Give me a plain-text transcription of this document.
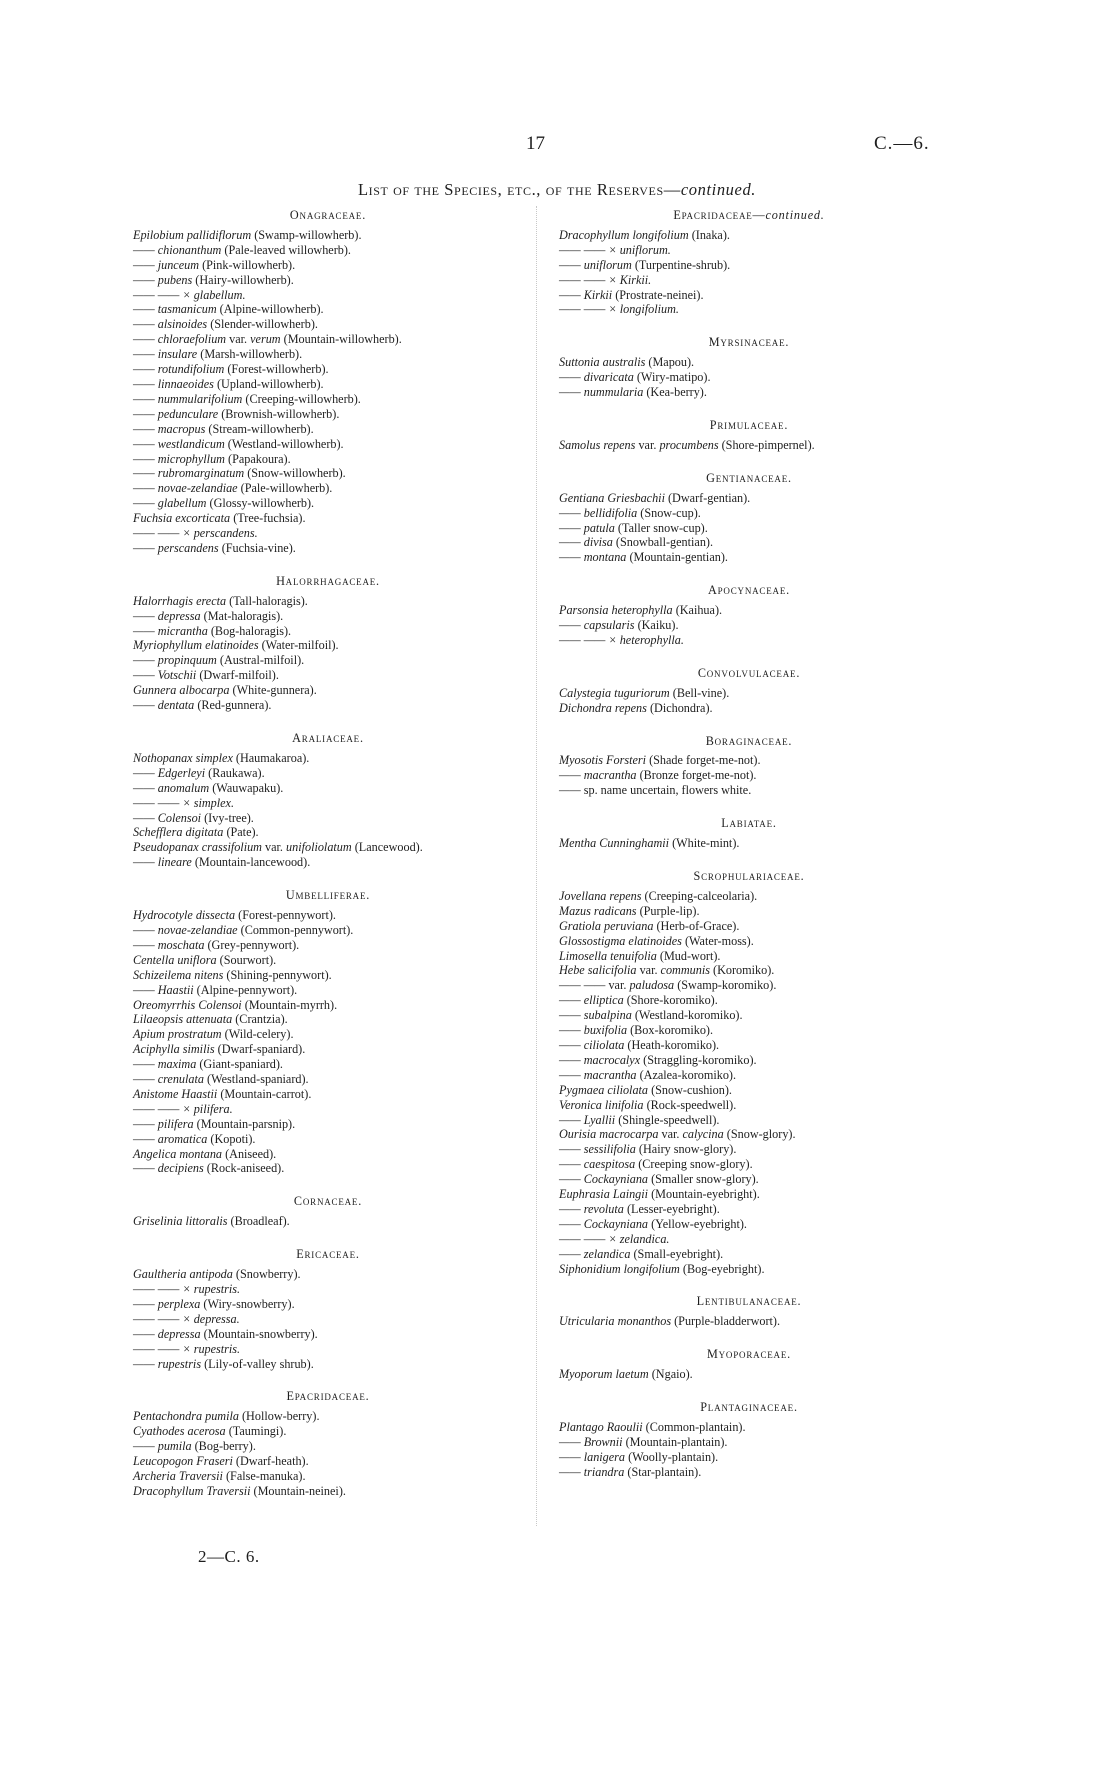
17	C.—6.
List of the Species, etc., of the Reserves—continued.
Onagraceae.
Epilobium pallidiflorum (Swamp-willowherb).
—— chionanthum (Pale-leaved willowherb).
—— junceum (Pink-willowherb).
—— pubens (Hairy-willowherb).
—— —— × glabellum.
—— tasmanicum (Alpine-willowherb).
—— alsinoides (Slender-willowherb).
—— chloraefolium var. verum (Mountain-willowherb).
—— insulare (Marsh-willowherb).
—— rotundifolium (Forest-willowherb).
—— linnaeoides (Upland-willowherb).
—— nummularifolium (Creeping-willowherb).
—— pedunculare (Brownish-willowherb).
—— macropus (Stream-willowherb).
—— westlandicum (Westland-willowherb).
—— microphyllum (Papakoura).
—— rubromarginatum (Snow-willowherb).
—— novae-zelandiae (Pale-willowherb).
—— glabellum (Glossy-willowherb).
Fuchsia excorticata (Tree-fuchsia).
—— —— × perscandens.
—— perscandens (Fuchsia-vine).
Halorrhagaceae.
Halorrhagis erecta (Tall-haloragis).
—— depressa (Mat-haloragis).
—— micrantha (Bog-haloragis).
Myriophyllum elatinoides (Water-milfoil).
—— propinquum (Austral-milfoil).
—— Votschii (Dwarf-milfoil).
Gunnera albocarpa (White-gunnera).
—— dentata (Red-gunnera).
Araliaceae.
Nothopanax simplex (Haumakaroa).
—— Edgerleyi (Raukawa).
—— anomalum (Wauwapaku).
—— —— × simplex.
—— Colensoi (Ivy-tree).
Schefflera digitata (Pate).
Pseudopanax crassifolium var. unifoliolatum (Lancewood).
—— lineare (Mountain-lancewood).
Umbelliferae.
Hydrocotyle dissecta (Forest-pennywort).
—— novae-zelandiae (Common-pennywort).
—— moschata (Grey-pennywort).
Centella uniflora (Sourwort).
Schizeilema nitens (Shining-pennywort).
—— Haastii (Alpine-pennywort).
Oreomyrrhis Colensoi (Mountain-myrrh).
Lilaeopsis attenuata (Crantzia).
Apium prostratum (Wild-celery).
Aciphylla similis (Dwarf-spaniard).
—— maxima (Giant-spaniard).
—— crenulata (Westland-spaniard).
Anistome Haastii (Mountain-carrot).
—— —— × pilifera.
—— pilifera (Mountain-parsnip).
—— aromatica (Kopoti).
Angelica montana (Aniseed).
—— decipiens (Rock-aniseed).
Cornaceae.
Griselinia littoralis (Broadleaf).
Ericaceae.
Gaultheria antipoda (Snowberry).
—— —— × rupestris.
—— perplexa (Wiry-snowberry).
—— —— × depressa.
—— depressa (Mountain-snowberry).
—— —— × rupestris.
—— rupestris (Lily-of-valley shrub).
Epacridaceae.
Pentachondra pumila (Hollow-berry).
Cyathodes acerosa (Taumingi).
—— pumila (Bog-berry).
Leucopogon Fraseri (Dwarf-heath).
Archeria Traversii (False-manuka).
Dracophyllum Traversii (Mountain-neinei).
Epacridaceae—continued.
Dracophyllum longifolium (Inaka).
—— —— × uniflorum.
—— uniflorum (Turpentine-shrub).
—— —— × Kirkii.
—— Kirkii (Prostrate-neinei).
—— —— × longifolium.
Myrsinaceae.
Suttonia australis (Mapou).
—— divaricata (Wiry-matipo).
—— nummularia (Kea-berry).
Primulaceae.
Samolus repens var. procumbens (Shore-pimpernel).
Gentianaceae.
Gentiana Griesbachii (Dwarf-gentian).
—— bellidifolia (Snow-cup).
—— patula (Taller snow-cup).
—— divisa (Snowball-gentian).
—— montana (Mountain-gentian).
Apocynaceae.
Parsonsia heterophylla (Kaihua).
—— capsularis (Kaiku).
—— —— × heterophylla.
Convolvulaceae.
Calystegia tuguriorum (Bell-vine).
Dichondra repens (Dichondra).
Boraginaceae.
Myosotis Forsteri (Shade forget-me-not).
—— macrantha (Bronze forget-me-not).
—— sp. name uncertain, flowers white.
Labiatae.
Mentha Cunninghamii (White-mint).
Scrophulariaceae.
Jovellana repens (Creeping-calceolaria).
Mazus radicans (Purple-lip).
Gratiola peruviana (Herb-of-Grace).
Glossostigma elatinoides (Water-moss).
Limosella tenuifolia (Mud-wort).
Hebe salicifolia var. communis (Koromiko).
—— —— var. paludosa (Swamp-koromiko).
—— elliptica (Shore-koromiko).
—— subalpina (Westland-koromiko).
—— buxifolia (Box-koromiko).
—— ciliolata (Heath-koromiko).
—— macrocalyx (Straggling-koromiko).
—— macrantha (Azalea-koromiko).
Pygmaea ciliolata (Snow-cushion).
Veronica linifolia (Rock-speedwell).
—— Lyallii (Shingle-speedwell).
Ourisia macrocarpa var. calycina (Snow-glory).
—— sessilifolia (Hairy snow-glory).
—— caespitosa (Creeping snow-glory).
—— Cockayniana (Smaller snow-glory).
Euphrasia Laingii (Mountain-eyebright).
—— revoluta (Lesser-eyebright).
—— Cockayniana (Yellow-eyebright).
—— —— × zelandica.
—— zelandica (Small-eyebright).
Siphonidium longifolium (Bog-eyebright).
Lentibulanaceae.
Utricularia monanthos (Purple-bladderwort).
Myoporaceae.
Myoporum laetum (Ngaio).
Plantaginaceae.
Plantago Raoulii (Common-plantain).
—— Brownii (Mountain-plantain).
—— lanigera (Woolly-plantain).
—— triandra (Star-plantain).
2—C. 6.
